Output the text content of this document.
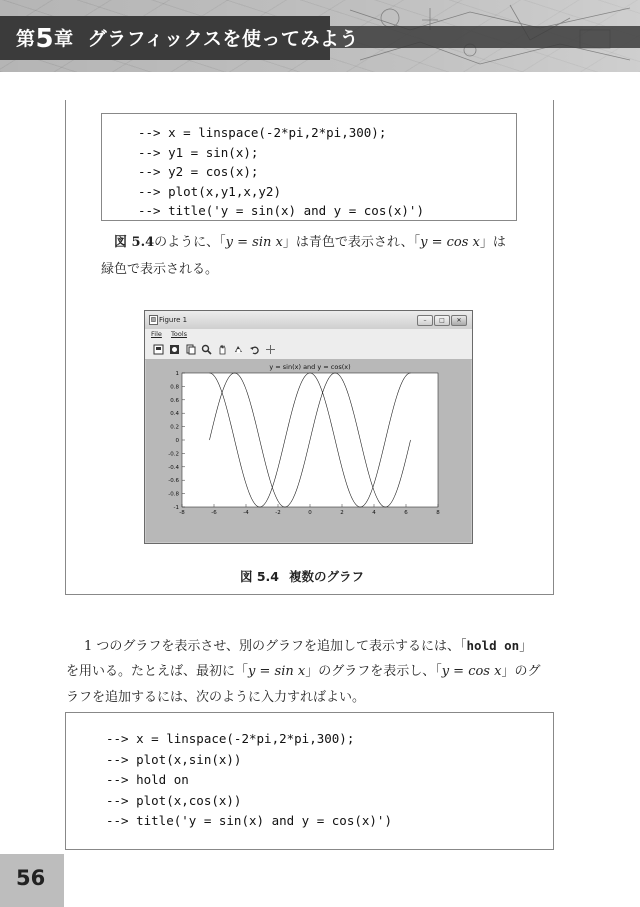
第5章 グラフィックスを使ってみよう
--> x = linspace(-2*pi,2*pi,300);
--> y1 = sin(x);
--> y2 = cos(x);
--> plot(x,y1,x,y2)
--> title('y = sin(x) and y = cos(x)')
図 5.4のように、「y = sin x」は青色で表示され、「y = cos x」は
緑色で表示される。
▧ Figure 1	–	□	✕
File Tools
y = sin(x) and y = cos(x)
-8	-6	-4	-2	0	2	4	6	8
1
0.8
0.6
0.4
0.2
0
-0.2
-0.4
-0.6
-0.8
-1
図 5.4 複数のグラフ
1 つのグラフを表示させ、別のグラフを追加して表示するには、「hold on」
を用いる。たとえば、最初に「y = sin x」のグラフを表示し、「y = cos x」のグ
ラフを追加するには、次のように入力すればよい。
--> x = linspace(-2*pi,2*pi,300);
--> plot(x,sin(x))
--> hold on
--> plot(x,cos(x))
--> title('y = sin(x) and y = cos(x)')
56
